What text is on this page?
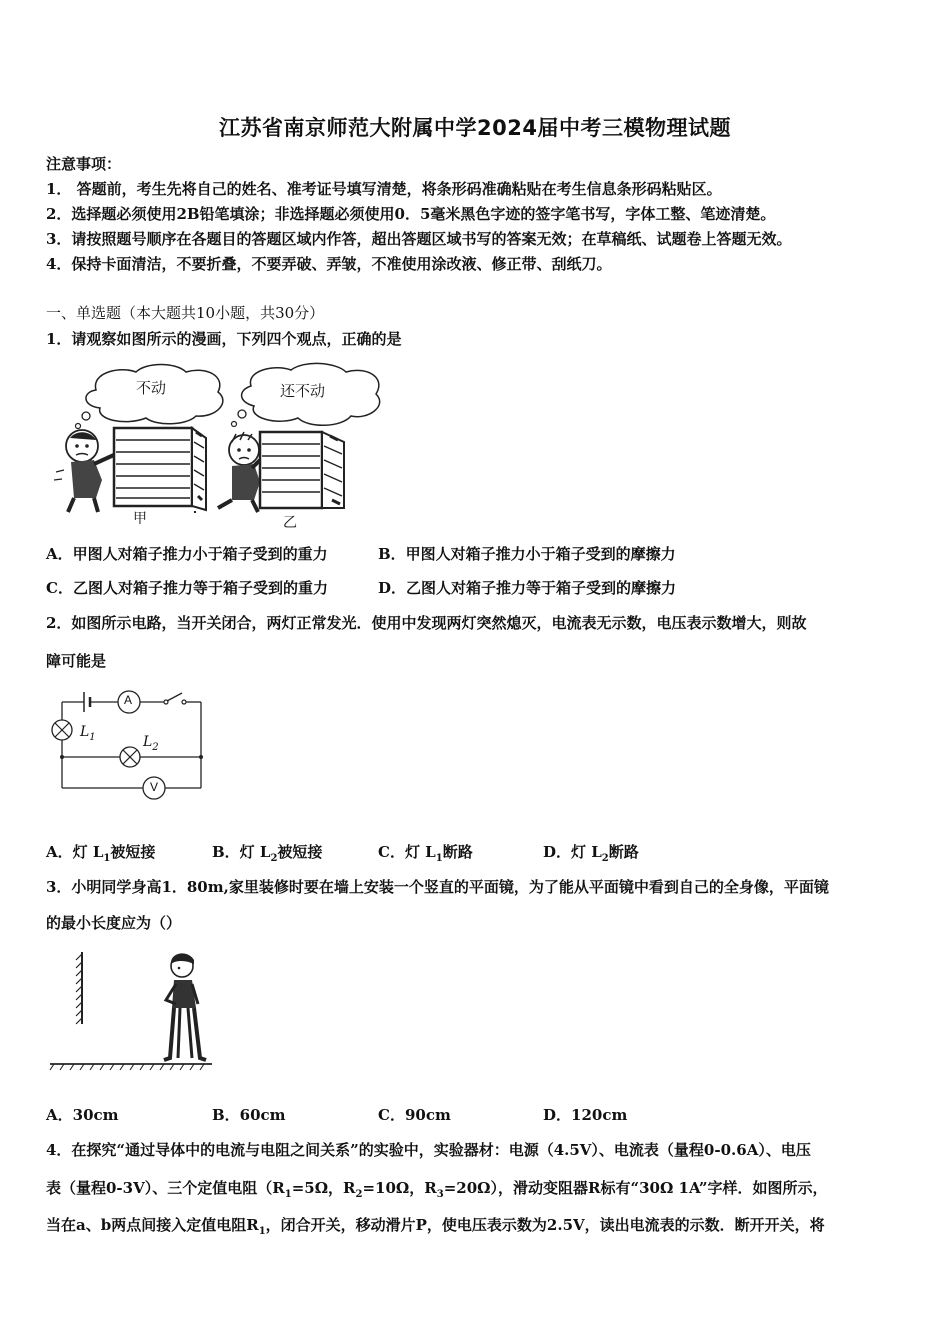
江苏省南京师范大附属中学2024届中考三模物理试题
注意事项：
1． 答题前，考生先将自己的姓名、准考证号填写清楚，将条形码准确粘贴在考生信息条形码粘贴区。
2．选择题必须使用2B铅笔填涂；非选择题必须使用0．5毫米黑色字迹的签字笔书写，字体工整、笔迹清楚。
3．请按照题号顺序在各题目的答题区域内作答，超出答题区域书写的答案无效；在草稿纸、试题卷上答题无效。
4．保持卡面清洁，不要折叠，不要弄破、弄皱，不准使用涂改液、修正带、刮纸刀。
一、单选题（本大题共10小题，共30分）
1．请观察如图所示的漫画，下列四个观点，正确的是
不动	还不动
甲	乙
A．甲图人对箱子推力小于箱子受到的重力	B．甲图人对箱子推力小于箱子受到的摩擦力
C．乙图人对箱子推力等于箱子受到的重力	D．乙图人对箱子推力等于箱子受到的摩擦力
2．如图所示电路，当开关闭合，两灯正常发光．使用中发现两灯突然熄灭，电流表无示数，电压表示数增大，则故
障可能是
A
V
$L_1$	$L_2$
A．灯 $L_1$被短接	B．灯 $L_2$被短接	C．灯 $L_1$断路	D．灯 $L_2$断路
3．小明同学身高1．80m,家里装修时要在墙上安装一个竖直的平面镜，为了能从平面镜中看到自己的全身像，平面镜
的最小长度应为（）
A．30cm	B．60cm	C．90cm	D．120cm
4．在探究“通过导体中的电流与电阻之间关系”的实验中，实验器材：电源（4.5V）、电流表（量程0-0.6A）、电压
表（量程0-3V）、三个定值电阻（$R_1=5\Omega$，$R_2=10\Omega$，$R_3=20\Omega$），滑动变阻器R标有“30Ω 1A”字样．如图所示，
当在a、b两点间接入定值电阻$R_1$，闭合开关，移动滑片P，使电压表示数为2.5V，读出电流表的示数．断开开关，将
